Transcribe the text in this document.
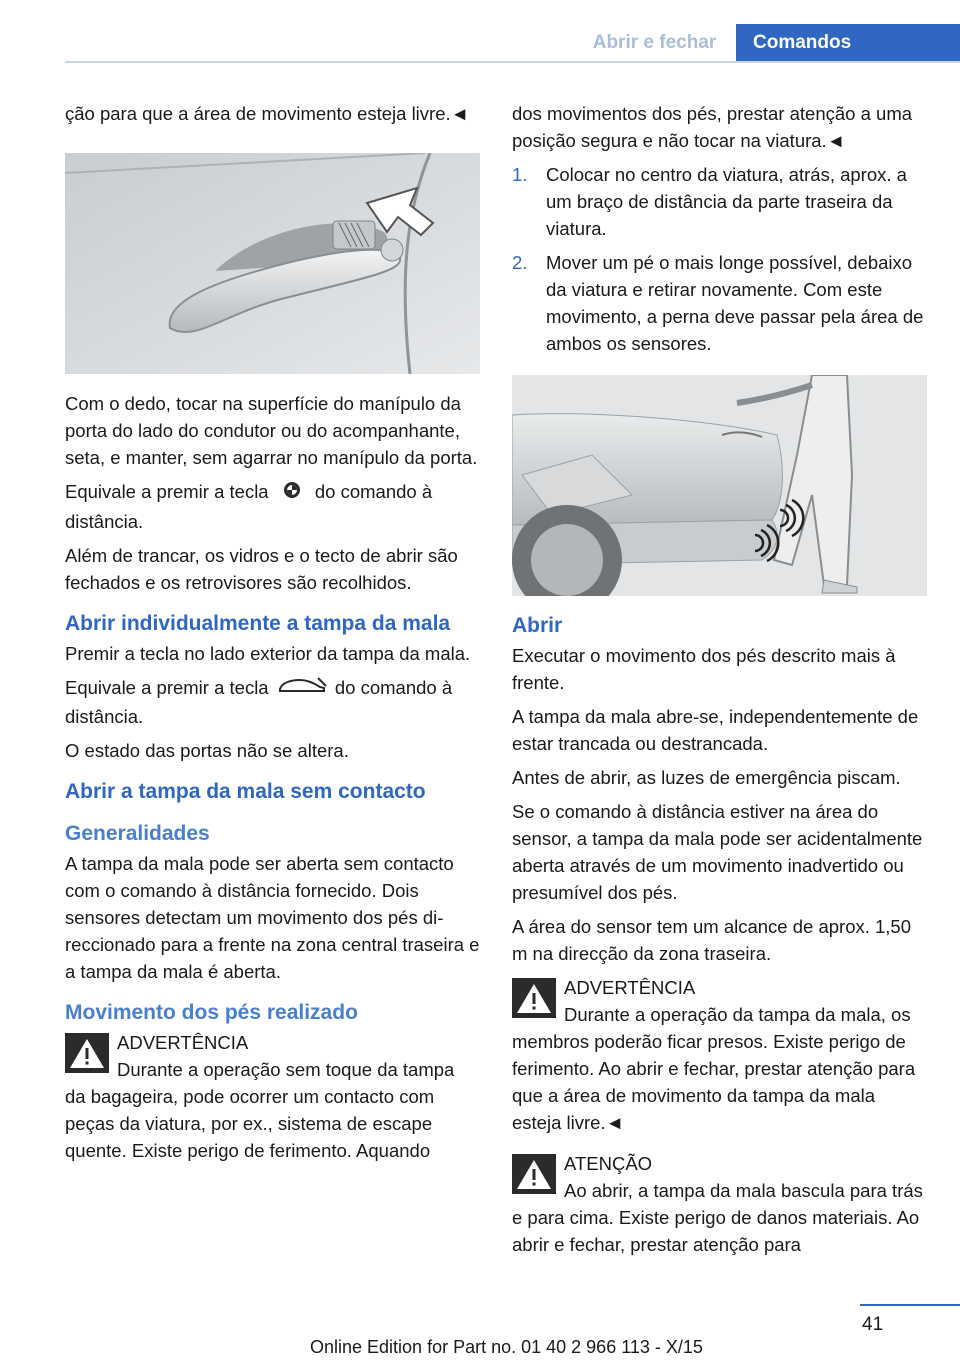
Abrir e fechar	Comandos

ção para que a área de movimento esteja livre.◄

Com o dedo, tocar na superfície do manípulo da porta do lado do condutor ou do acompanhante, seta, e manter, sem agarrar no manípulo da porta.

Equivale a premir a tecla	do comando à distância.

Além de trancar, os vidros e o tecto de abrir são fechados e os retrovisores são recolhidos.

Abrir individualmente a tampa da mala

Premir a tecla no lado exterior da tampa da mala.

Equivale a premir a tecla	do comando à distância.

O estado das portas não se altera.

Abrir a tampa da mala sem contacto
Generalidades

A tampa da mala pode ser aberta sem contacto com o comando à distância fornecido. Dois sensores detectam um movimento dos pés direccionado para a frente na zona central traseira e a tampa da mala é aberta.

Movimento dos pés realizado
ADVERTÊNCIA
Durante a operação sem toque da tampa da bagageira, pode ocorrer um contacto com peças da viatura, por ex., sistema de escape quente. Existe perigo de ferimento. Aquando

dos movimentos dos pés, prestar atenção a uma posição segura e não tocar na viatura.◄

1. Colocar no centro da viatura, atrás, aprox. a um braço de distância da parte traseira da viatura.
2. Mover um pé o mais longe possível, debaixo da viatura e retirar novamente. Com este movimento, a perna deve passar pela área de ambos os sensores.
Abrir

Executar o movimento dos pés descrito mais à frente.

A tampa da mala abre-se, independentemente de estar trancada ou destrancada.

Antes de abrir, as luzes de emergência piscam.

Se o comando à distância estiver na área do sensor, a tampa da mala pode ser acidentalmente aberta através de um movimento inadvertido ou presumível dos pés.

A área do sensor tem um alcance de aprox. 1,50 m na direcção da zona traseira.

ADVERTÊNCIA
Durante a operação da tampa da mala, os membros poderão ficar presos. Existe perigo de ferimento. Ao abrir e fechar, prestar atenção para que a área de movimento da tampa da mala esteja livre.◄
ATENÇÃO
Ao abrir, a tampa da mala bascula para trás e para cima. Existe perigo de danos materiais. Ao abrir e fechar, prestar atenção para
41
Online Edition for Part no. 01 40 2 966 113 - X/15
